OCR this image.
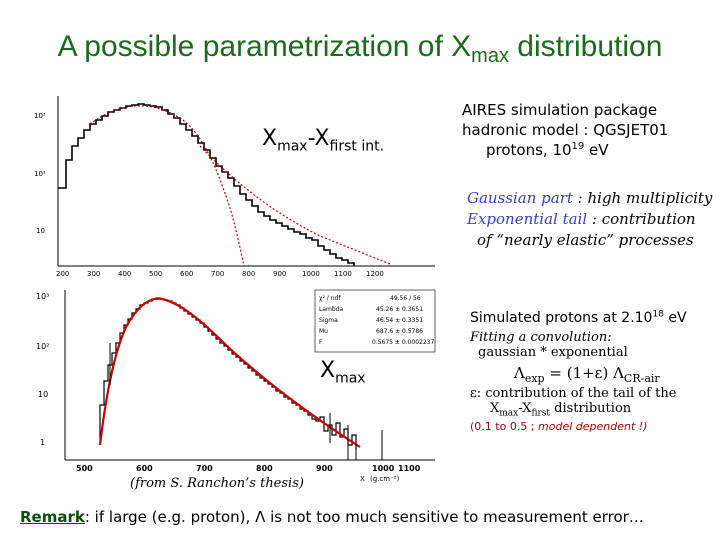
A possible parametrization of $X_{max}$ distribution
10³
10²
10
200	300	400	500	600	700	800	900 1000 1100 1200
$X_{max}-X_{first int.}$
AIRES simulation package
hadronic model : QGSJET01
protons, $10^{19}$ eV
Gaussian part : high multiplicity
Exponential tail : contribution
of “nearly elastic” processes
10³
10²
10
1
500	600	700	800	900	1000 1100
X (g.cm⁻²)
χ² / ndf	49.56 / 56
Lambda	45.26 ± 0.3651
Sigma	46.54 ± 0.3351
Mu	687.6 ± 0.5786
F	0.5675 ± 0.0002237
$X_{max}$
Simulated protons at 2.10$^{18}$ eV
Fitting a convolution:
gaussian * exponential
$\Lambda_{exp} = (1+\varepsilon)$ $\Lambda_{CR-air}$
ε: contribution of the tail of the
$X_{max}-X_{first}$ distribution
(0.1 to 0.5 ; model dependent !)
(from S. Ranchon’s thesis)
Remark: if large (e.g. proton), Λ is not too much sensitive to measurement error…
